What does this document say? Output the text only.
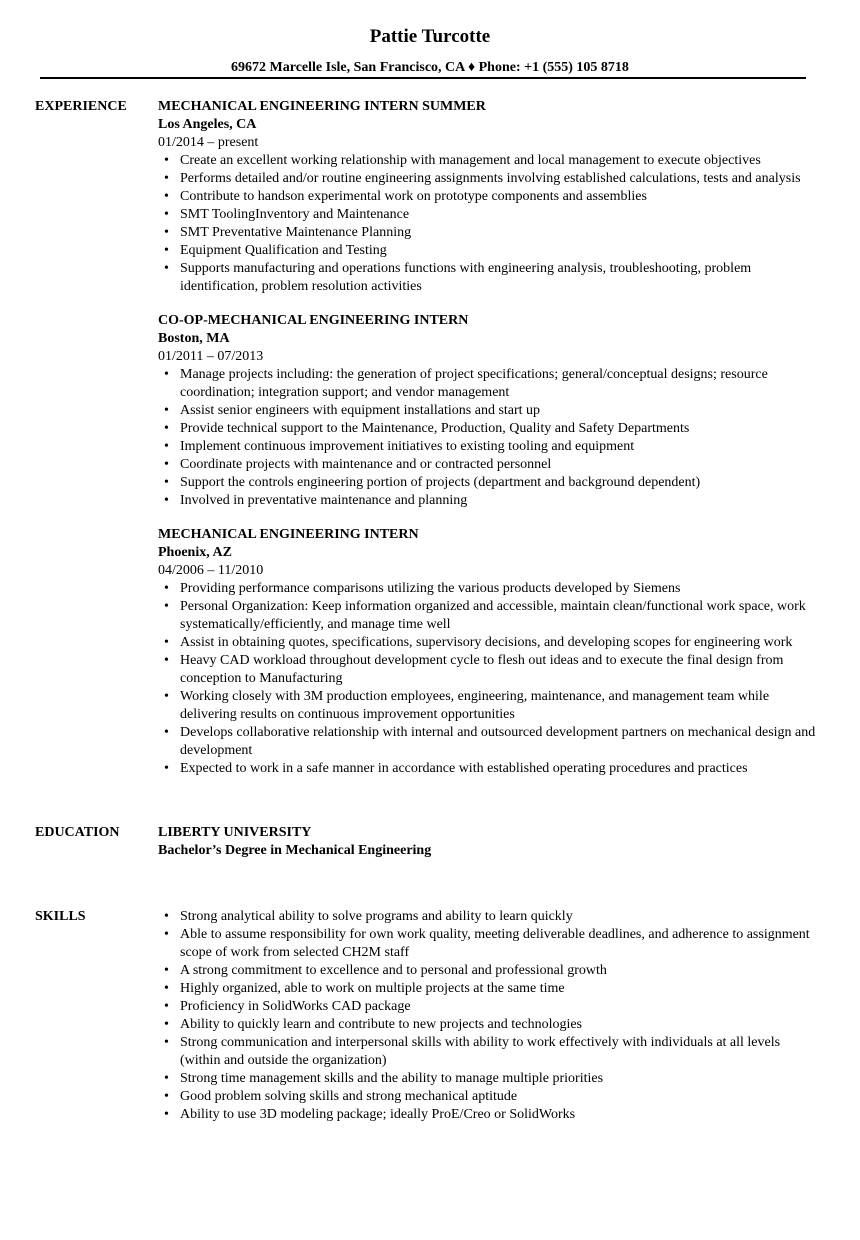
Pattie Turcotte
69672 Marcelle Isle, San Francisco, CA ♦ Phone: +1 (555) 105 8718
EXPERIENCE MECHANICAL ENGINEERING INTERN SUMMER
Los Angeles, CA
01/2014 – present
• Create an excellent working relationship with management and local management to execute objectives
• Performs detailed and/or routine engineering assignments involving established calculations, tests and analysis
• Contribute to handson experimental work on prototype components and assemblies
• SMT ToolingInventory and Maintenance
• SMT Preventative Maintenance Planning
• Equipment Qualification and Testing
• Supports manufacturing and operations functions with engineering analysis, troubleshooting, problem identification, problem resolution activities
CO-OP-MECHANICAL ENGINEERING INTERN
Boston, MA
01/2011 – 07/2013
• Manage projects including: the generation of project specifications; general/conceptual designs; resource coordination; integration support; and vendor management
• Assist senior engineers with equipment installations and start up
• Provide technical support to the Maintenance, Production, Quality and Safety Departments
• Implement continuous improvement initiatives to existing tooling and equipment
• Coordinate projects with maintenance and or contracted personnel
• Support the controls engineering portion of projects (department and background dependent)
• Involved in preventative maintenance and planning
MECHANICAL ENGINEERING INTERN
Phoenix, AZ
04/2006 – 11/2010
• Providing performance comparisons utilizing the various products developed by Siemens
• Personal Organization: Keep information organized and accessible, maintain clean/functional work space, work systematically/efficiently, and manage time well
• Assist in obtaining quotes, specifications, supervisory decisions, and developing scopes for engineering work
• Heavy CAD workload throughout development cycle to flesh out ideas and to execute the final design from conception to Manufacturing
• Working closely with 3M production employees, engineering, maintenance, and management team while delivering results on continuous improvement opportunities
• Develops collaborative relationship with internal and outsourced development partners on mechanical design and development
• Expected to work in a safe manner in accordance with established operating procedures and practices
EDUCATION	LIBERTY UNIVERSITY
Bachelor’s Degree in Mechanical Engineering
SKILLS
•	Strong analytical ability to solve programs and ability to learn quickly
• Able to assume responsibility for own work quality, meeting deliverable deadlines, and adherence to assignment scope of work from selected CH2M staff
• A strong commitment to excellence and to personal and professional growth
• Highly organized, able to work on multiple projects at the same time
• Proficiency in SolidWorks CAD package
• Ability to quickly learn and contribute to new projects and technologies
• Strong communication and interpersonal skills with ability to work effectively with individuals at all levels (within and outside the organization)
• Strong time management skills and the ability to manage multiple priorities
• Good problem solving skills and strong mechanical aptitude
• Ability to use 3D modeling package; ideally ProE/Creo or SolidWorks
